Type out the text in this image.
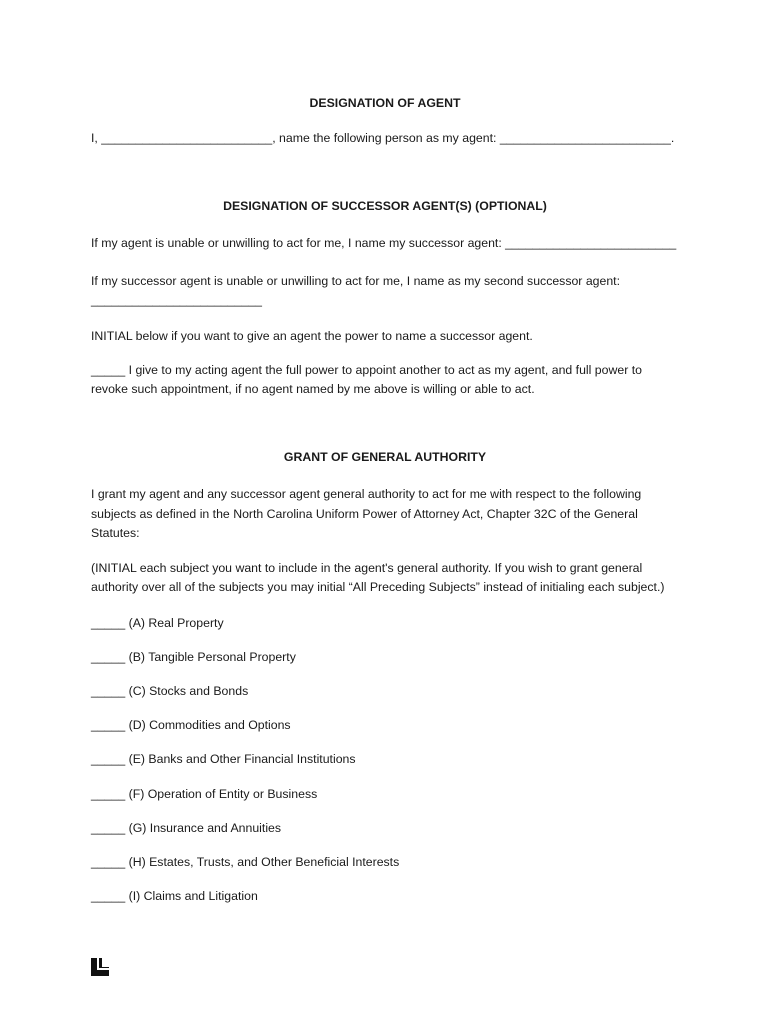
DESIGNATION OF AGENT
I, _________________________, name the following person as my agent: _________________________.
DESIGNATION OF SUCCESSOR AGENT(S) (OPTIONAL)
If my agent is unable or unwilling to act for me, I name my successor agent: _________________________
If my successor agent is unable or unwilling to act for me, I name as my second successor agent:
_________________________
INITIAL below if you want to give an agent the power to name a successor agent.
_____ I give to my acting agent the full power to appoint another to act as my agent, and full power to
revoke such appointment, if no agent named by me above is willing or able to act.
GRANT OF GENERAL AUTHORITY
I grant my agent and any successor agent general authority to act for me with respect to the following
subjects as defined in the North Carolina Uniform Power of Attorney Act, Chapter 32C of the General
Statutes:
(INITIAL each subject you want to include in the agent's general authority. If you wish to grant general
authority over all of the subjects you may initial “All Preceding Subjects” instead of initialing each subject.)
_____ (A) Real Property
_____ (B) Tangible Personal Property
_____ (C) Stocks and Bonds
_____ (D) Commodities and Options
_____ (E) Banks and Other Financial Institutions
_____ (F) Operation of Entity or Business
_____ (G) Insurance and Annuities
_____ (H) Estates, Trusts, and Other Beneficial Interests
_____ (I) Claims and Litigation
